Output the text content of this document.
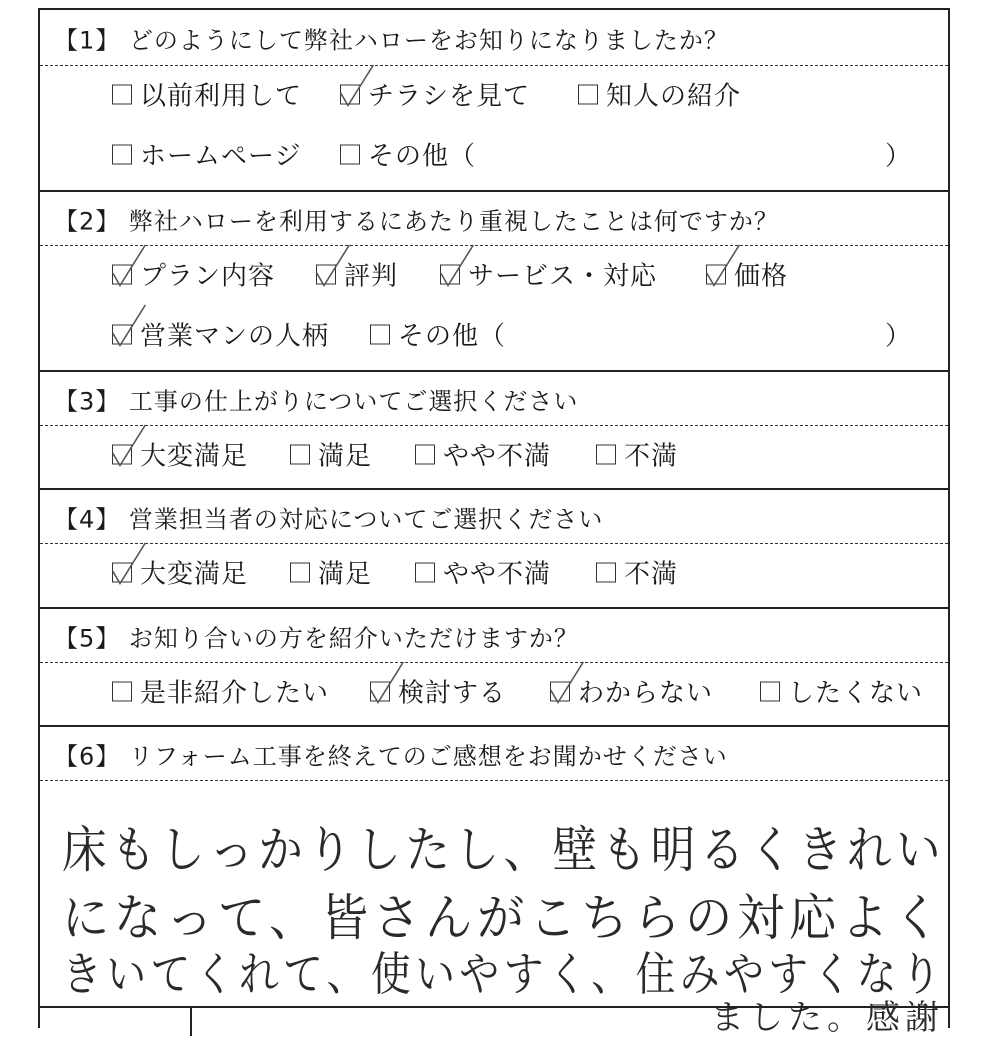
【1】 どのようにして弊社ハローをお知りになりましたか？
以前利用して	チラシを見て	知人の紹介
ホームページ	その他（	）
【2】 弊社ハローを利用するにあたり重視したことは何ですか？
プラン内容	評判	サービス・対応	価格
営業マンの人柄	その他（	）
【3】 工事の仕上がりについてご選択ください
大変満足	満足	やや不満	不満
【4】 営業担当者の対応についてご選択ください
大変満足	満足	やや不満	不満
【5】 お知り合いの方を紹介いただけますか？
是非紹介したい	検討する	わからない	したくない
【6】 リフォーム工事を終えてのご感想をお聞かせください
床もしっかりしたし、壁も明るくきれい
になって、皆さんがこちらの対応よく
きいてくれて、使いやすく、住みやすくなり
ました。感謝
